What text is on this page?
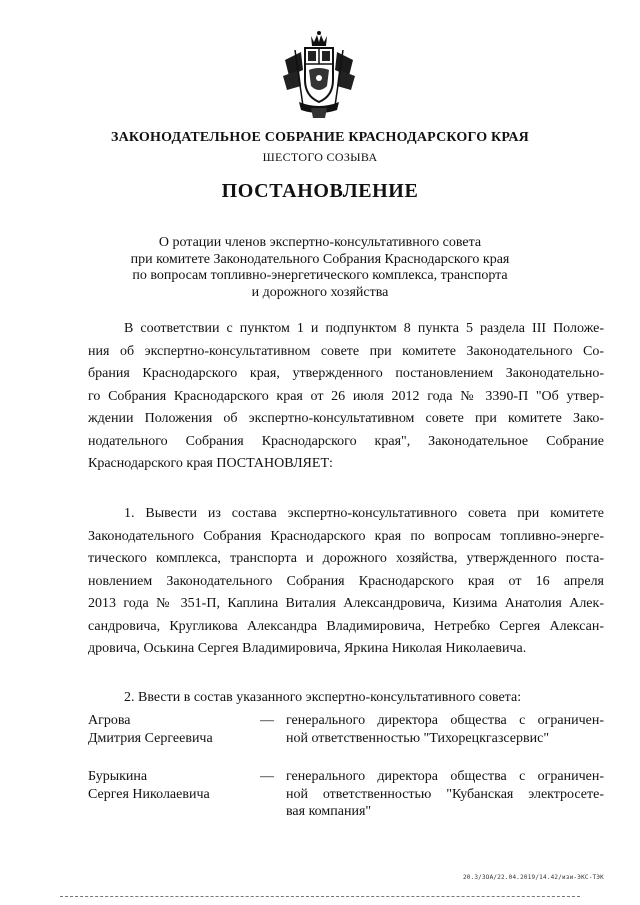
ЗАКОНОДАТЕЛЬНОЕ СОБРАНИЕ КРАСНОДАРСКОГО КРАЯ
ШЕСТОГО СОЗЫВА
ПОСТАНОВЛЕНИЕ
О ротации членов экспертно-консультативного совета
при комитете Законодательного Собрания Краснодарского края
по вопросам топливно-энергетического комплекса, транспорта
и дорожного хозяйства
В соответствии с пунктом 1 и подпунктом 8 пункта 5 раздела III Положе-
ния об экспертно-консультативном совете при комитете Законодательного Со-
брания Краснодарского края, утвержденного постановлением Законодательно-
го Собрания Краснодарского края от 26 июля 2012 года № 3390-П "Об утвер-
ждении Положения об экспертно-консультативном совете при комитете Зако-
нодательного Собрания Краснодарского края", Законодательное Собрание
Краснодарского края ПОСТАНОВЛЯЕТ:
1. Вывести из состава экспертно-консультативного совета при комитете
Законодательного Собрания Краснодарского края по вопросам топливно-энерге-
тического комплекса, транспорта и дорожного хозяйства, утвержденного поста-
новлением Законодательного Собрания Краснодарского края от 16 апреля
2013 года № 351-П, Каплина Виталия Александровича, Кизима Анатолия Алек-
сандровича, Кругликова Александра Владимировича, Нетребко Сергея Алексан-
дровича, Оськина Сергея Владимировича, Яркина Николая Николаевича.
2. Ввести в состав указанного экспертно-консультативного совета:
Агрова
Дмитрия Сергеевича
— генерального директора общества с ограничен-
ной ответственностью "Тихорецкгазсервис"
Бурыкина
Сергея Николаевича
— генерального директора общества с ограничен-
ной ответственностью "Кубанская электросете-
вая компания"
20.3/3ОА/22.04.2019/14.42/изи-ЭКС-ТЭК
